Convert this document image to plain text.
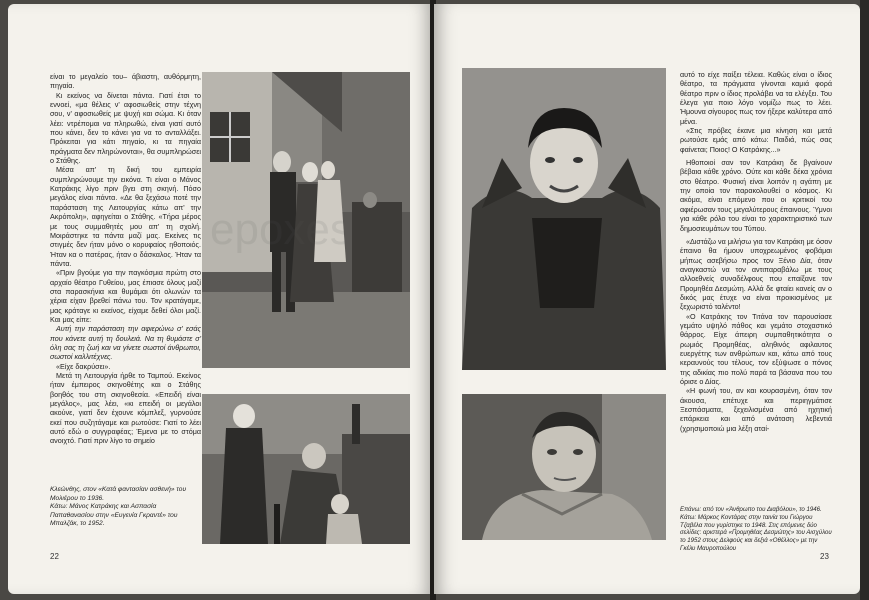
είναι το μεγαλείο του– άβιαστη, αυθόρμητη, πηγαία.

Κι εκείνος να δίνεται πάντα. Γιατί έτσι το εννοεί, «μα θέλεις ν' αφοσιωθείς στην τέχνη σου, ν' αφοσιωθείς με ψυχή και σώμα. Κι όταν λέει: ντρέπομαι να πληρωθώ, είναι γιατί αυτό που κάνει, δεν το κάνει για να το ανταλλάξει. Πρόκειται για κάτι πηγαίο, κι τα πηγαία πράγματα δεν πληρώνονται», θα συμπληρώσει ο Στάθης.

Μέσα απ' τη δική του εμπειρία συμπληρώνουμε την εικόνα. Τι είναι ο Μάνος Κατράκης λίγο πριν βγει στη σκηνή. Πόσο μεγάλος είναι πάντα. «Δε θα ξεχάσω ποτέ την παράσταση της Λειτουργίας κάτω απ' την Ακρόπολη», αφηγείται ο Στάθης. «Τήρα μέρος με τους συμμαθητές μου απ' τη σχολή. Μοιράστηκε τα πάντα μαζί μας. Εκείνες τις στιγμές δεν ήταν μόνο ο κορυφαίος ηθοποιός. Ήταν κα ο πατέρας, ήταν ο δάσκαλος. Ήταν τα πάντα.

«Πριν βγούμε για την παγκόσμια πρώτη στο αρχαίο θέατρο Γυθείου, μας έπιασε όλους μαζί στα παρασκήνια και θυμάμαι ότι ολωνών τα χέρια είχαν βρεθεί πάνω του. Τον κρατάγαμε, μας κράταγε κι εκείνος, είχαμε δεθεί όλοι μαζί. Και μας είπε:

Αυτή την παράσταση την αφιερώνω σ' εσάς που κάνετε αυτή τη δουλειά. Να τη θυμάστε σ' όλη σας τη ζωή και να γίνετε σωστοί άνθρωποι, σωστοί καλλιτέχνες.

«Είχε δακρύσει».

Μετά τη Λειτουργία ήρθε το Ταμπού. Εκείνος ήταν έμπειρος σκηνοθέτης και ο Στάθης βοηθός του στη σκηνοθεσία. «Επειδή είναι μεγάλος», μας λέει, «κι επειδή οι μεγάλοι ακούνε, γιατί δεν έχουνε κόμπλεξ, γυρνούσε εκεί που συζητάγαμε και ρωτούσε: Γιατί το λέει αυτό εδώ ο συγγραφέας; Έμενα με το στόμα ανοιχτό. Γιατί πριν λίγο το σημείο

Κλεώνθης, στον «Κατά φαντασίαν ασθενή» του Μολιέρου το 1936.
Κάτω: Μάνος Κατράκης και Ασπασία Παπαθανασίου στην «Ευγενία Γκραντέ» του Μπαλζάκ, το 1952.
22

αυτό το είχε παίξει τέλεια. Καθώς είναι ο ίδιος θέατρο, τα πράγματα γίνονται καμιά φορά θέατρο πριν ο ίδιος προλάβει να τα ελέγξει. Του έλεγα για ποιο λόγο νομίζω πως το λέει. Ήμουνα σίγουρος πως τον ήξερε καλύτερα από μένα.

«Στις πρόβες έκανε μια κίνηση και μετά ρωτούσε εμάς από κάτω: Παιδιά, πώς σας φαίνεται; Ποιος! Ο Κατράκης...»

Ηθοποιοί σαν τον Κατράκη δε βγαίνουν βέβαια κάθε χρόνο. Ούτε και κάθε δέκα χρόνια στο θέατρο. Φυσική είναι λοιπόν η αγάπη με την οποία τον παρακολουθεί ο κόσμος. Κι ακόμα, είναι επόμενο που οι κριτικοί του αφιέρωσαν τους μεγαλύτερους έπαινους. Ύμνοι για κάθε ρόλο του είναι το χαρακτηριστικό των δημοσιευμάτων του Τύπου.

«Διστάζω να μιλήσω για τον Κατράκη με όσον έπαινο θα ήμουν υποχρεωμένος φοβάμαι μήπως ασεβήσω προς τον Ξένιο Δία, όταν αναγκαστώ να τον αντιπαραβάλω με τους αλλοεθνείς συναδέλφους που επαίξανε τον Προμηθέα Δεσμώτη. Αλλά δε φταίει κανείς αν ο δικός μας έτυχε να είναι προικισμένος με ξεχωριστό ταλέντο!

«Ο Κατράκης τον Τιτάνα τον παρουσίασε γεμάτο υψηλό πάθος και γεμάτο στοχαστικό θάρρος. Είχε άπειρη συμπαθητικότητα ο ρωμιός Προμηθέας, αληθινός αφιλαυτος ευεργέτης των ανθρώπων και, κάτω από τους κεραυνούς του τέλους, τον εξύψωσε ο πόνος της αδικίας πιο πολύ παρά τα βάσανα που του όρισε ο Δίας.

«Η φωνή του, αν και κουρασμένη, όταν τον άκουσα, επέτυχε και περιηγμάτισε Ξεσπάσματα, ξεχειλισμένα από ηχητική επάρκεια και από ανάταση λεβεντιά (χρησιμοποιώ μια λέξη αταί-

Επάνω: από τον «Άνθρωπο του Διαβόλου», το 1946. Κάτω: Μάρκος Κοντάρας στην ταινία του Γιώργου Τζαβέλα που γυρίστηκε το 1948. Στις επόμενες δύο σελίδες: αριστερά «Προμηθέας Δεσμώτης» του Αισχύλου το 1952 στους Δελφούς και δεξιά «Οθέλλος» με την Γκέλυ Μαυροπούλου
23
epoxes
